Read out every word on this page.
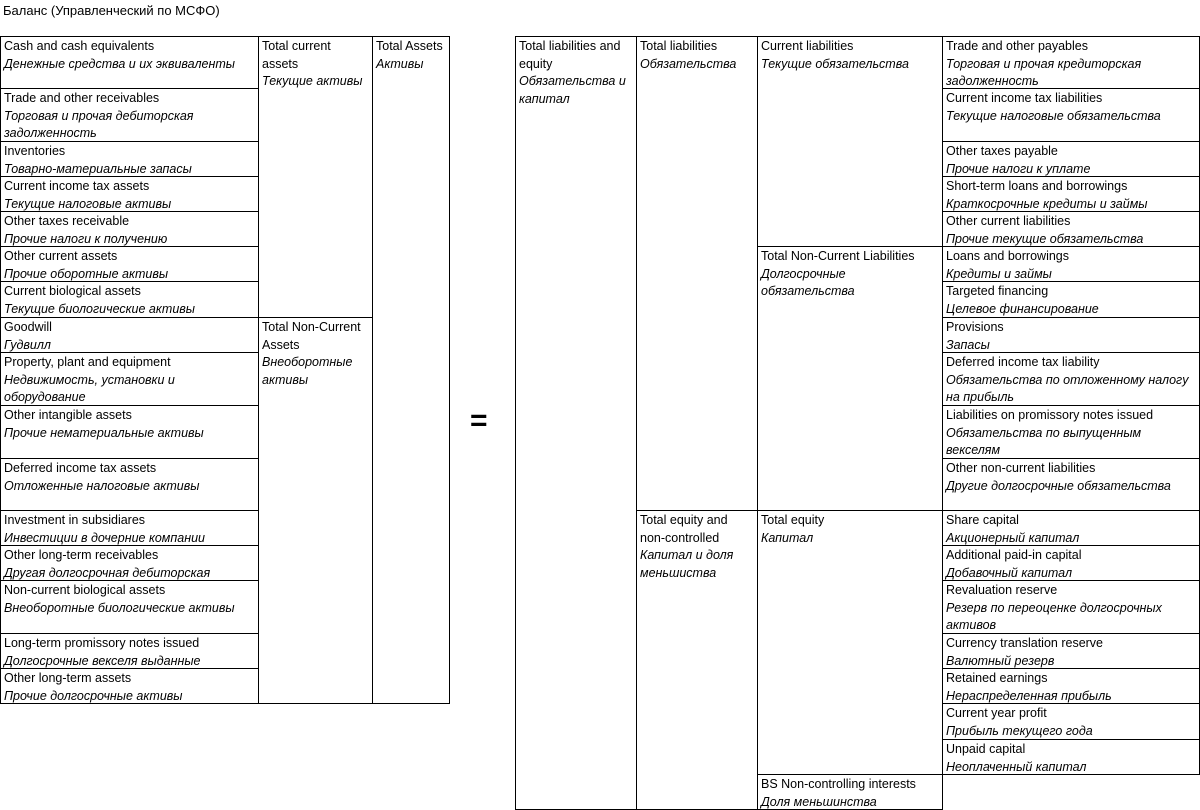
Баланс (Управленческий по МСФО)
Cash and cash equivalents
Денежные средства и их эквиваленты
Trade and other receivables
Торговая и прочая дебиторская задолженность
Inventories
Товарно-материальные запасы
Current income tax assets
Текущие налоговые активы
Other taxes receivable
Прочие налоги к получению
Other current assets
Прочие оборотные активы
Current biological assets
Текущие биологические активы
Goodwill
Гудвилл
Property, plant and equipment
Недвижимость, установки и оборудование
Other intangible assets
Прочие нематериальные активы
Deferred income tax assets
Отложенные налоговые активы
Investment in subsidiares
Инвестиции в дочерние компании
Other long-term receivables
Другая долгосрочная дебиторская
Non-current biological assets
Внеоборотные биологические активы
Long-term promissory notes issued
Долгосрочные векселя выданные
Other long-term assets
Прочие долгосрочные активы
Total current assets
Текущие активы
Total Non-Current Assets
Внеоборотные активы
Total Assets
Активы
=
Total liabilities and equity
Обязательства и капитал
Total liabilities
Обязательства
Total equity and non-controlled
Капитал и доля меньшиства
Current liabilities
Текущие обязательства
Total Non-Current Liabilities
Долгосрочные обязательства
Total equity
Капитал
BS Non-controlling interests
Доля меньшинства
Trade and other payables
Торговая и прочая кредиторская задолженность
Current income tax liabilities
Текущие налоговые обязательства
Other taxes payable
Прочие налоги к уплате
Short-term loans and borrowings
Краткосрочные кредиты и займы
Other current liabilities
Прочие текущие обязательства
Loans and borrowings
Кредиты и займы
Targeted financing
Целевое финансирование
Provisions
Запасы
Deferred income tax liability
Обязательства по отложенному налогу на прибыль
Liabilities on promissory notes issued
Обязательства по выпущенным векселям
Other non-current liabilities
Другие долгосрочные обязательства
Share capital
Акционерный капитал
Additional paid-in capital
Добавочный капитал
Revaluation reserve
Резерв по переоценке долгосрочных активов
Currency translation reserve
Валютный резерв
Retained earnings
Нераспределенная прибыль
Current year profit
Прибыль текущего года
Unpaid capital
Неоплаченный капитал
